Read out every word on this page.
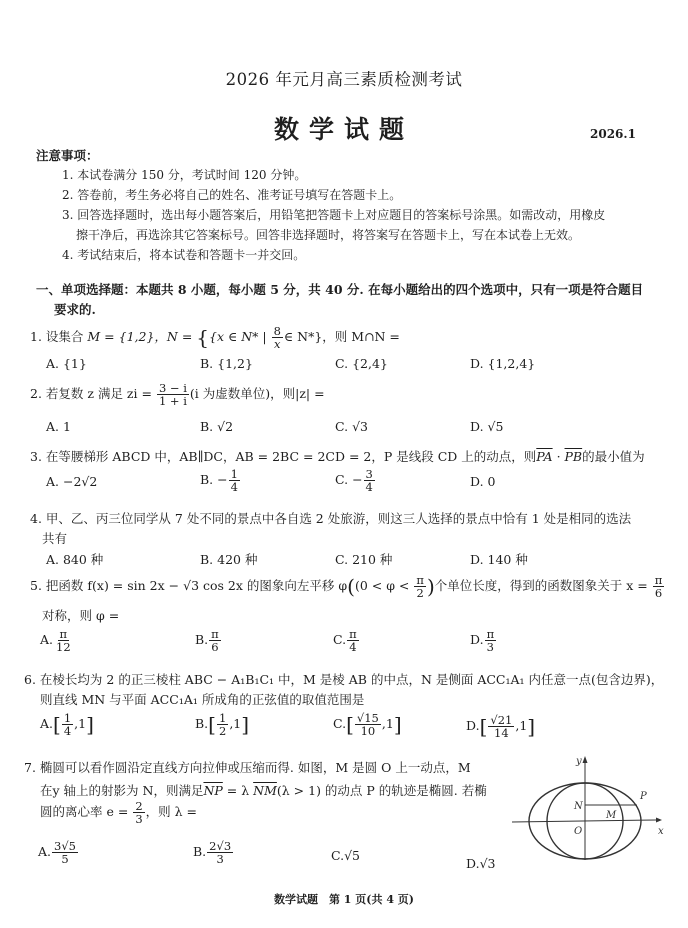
2026 年元月高三素质检测考试
数学试题	2026.1
注意事项：
1. 本试卷满分 150 分，考试时间 120 分钟。
2. 答卷前，考生务必将自己的姓名、准考证号填写在答题卡上。
3. 回答选择题时，选出每小题答案后，用铅笔把答题卡上对应题目的答案标号涂黑。如需改动，用橡皮
擦干净后，再选涂其它答案标号。回答非选择题时，将答案写在答题卡上，写在本试卷上无效。
4. 考试结束后，将本试卷和答题卡一并交回。
一、单项选择题：本题共 8 小题，每小题 5 分，共 40 分. 在每小题给出的四个选项中，只有一项是符合题目
要求的.
1. 设集合 M = {1,2}，N = {{x ∈ N* | $\frac{8}{x}$ ∈ N*}，则 M∩N =
A. {1}	B. {1,2}	C. {2,4}	D. {1,2,4}
2. 若复数 z 满足 zi = $\frac{3 - i}{1 + i} (i$ 为虚数单位)，则|z| =
A. 1	B. √2	C. √3	D. √5
3. 在等腰梯形 ABCD 中，AB∥DC，AB = 2BC = 2CD = 2，P 是线段 CD 上的动点，则$\overline{PA} \cdot \overline{PB}$的最小值为
A. −2√2	B. − $\frac{1}{4}$	C. − $\frac{3}{4}$	D. 0
4. 甲、乙、丙三位同学从 7 处不同的景点中各自选 2 处旅游，则这三人选择的景点中恰有 1 处是相同的选法
共有
A. 840 种	B. 420 种	C. 210 种	D. 140 种
5. 把函数 f(x) = sin 2x − √3 cos 2x 的图象向左平移 $\varphi((0 < \varphi < \frac{\pi}{2}$ )个单位长度，得到的函数图象关于 $x = \frac{\pi}{6}$
对称，则 φ =
A. $\frac{\pi}{12}$	B. $\frac{\pi}{6}$	C. $\frac{\pi}{4}$	D. $\frac{\pi}{3}$
6. 在棱长均为 2 的正三棱柱 ABC − A₁B₁C₁ 中，M 是棱 AB 的中点，N 是侧面 ACC₁A₁ 内任意一点(包含边界)，
则直线 MN 与平面 ACC₁A₁ 所成角的正弦值的取值范围是
$A.[ \frac{1}{4} ,1]$	$B.[ \frac{1}{2} ,1]$	$C.[ \frac{√15}{10} ,1]$	$D.[ \frac{√21}{14} ,1]$
7. 椭圆可以看作圆沿定直线方向拉伸或压缩而得. 如图，M 是圆 O 上一动点，M
在y 轴上的射影为 N，则满足$\overline{NP} = \lambda$ $\overline{NM}(\lambda > 1)$ 的动点 P 的轨迹是椭圆. 若椭
圆的离心率 $e = \frac{2}{3}$ ，则 λ =
A. $\frac{3√5}{5}$	B. $\frac{2√3}{3}$	C.√5
D.√3
y
x
N
M
P
O
数学试题　第 1 页(共 4 页)
